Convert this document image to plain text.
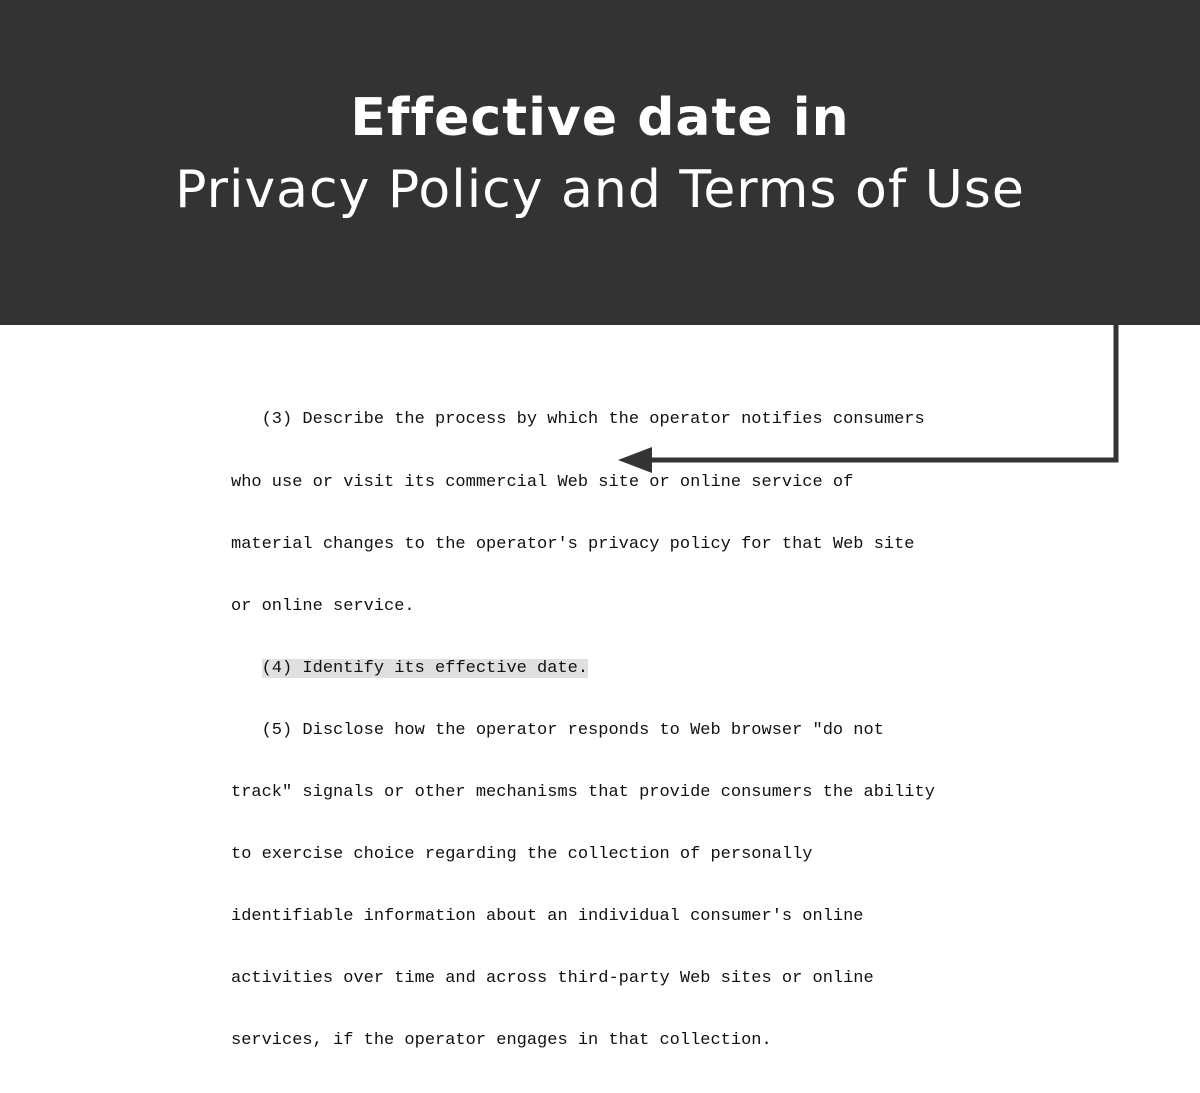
Effective date in
Privacy Policy and Terms of Use

(3) Describe the process by which the operator notifies consumers

who use or visit its commercial Web site or online service of

material changes to the operator's privacy policy for that Web site

or online service.

(4) Identify its effective date.

(5) Disclose how the operator responds to Web browser "do not

track" signals or other mechanisms that provide consumers the ability

to exercise choice regarding the collection of personally

identifiable information about an individual consumer's online

activities over time and across third-party Web sites or online

services, if the operator engages in that collection.
